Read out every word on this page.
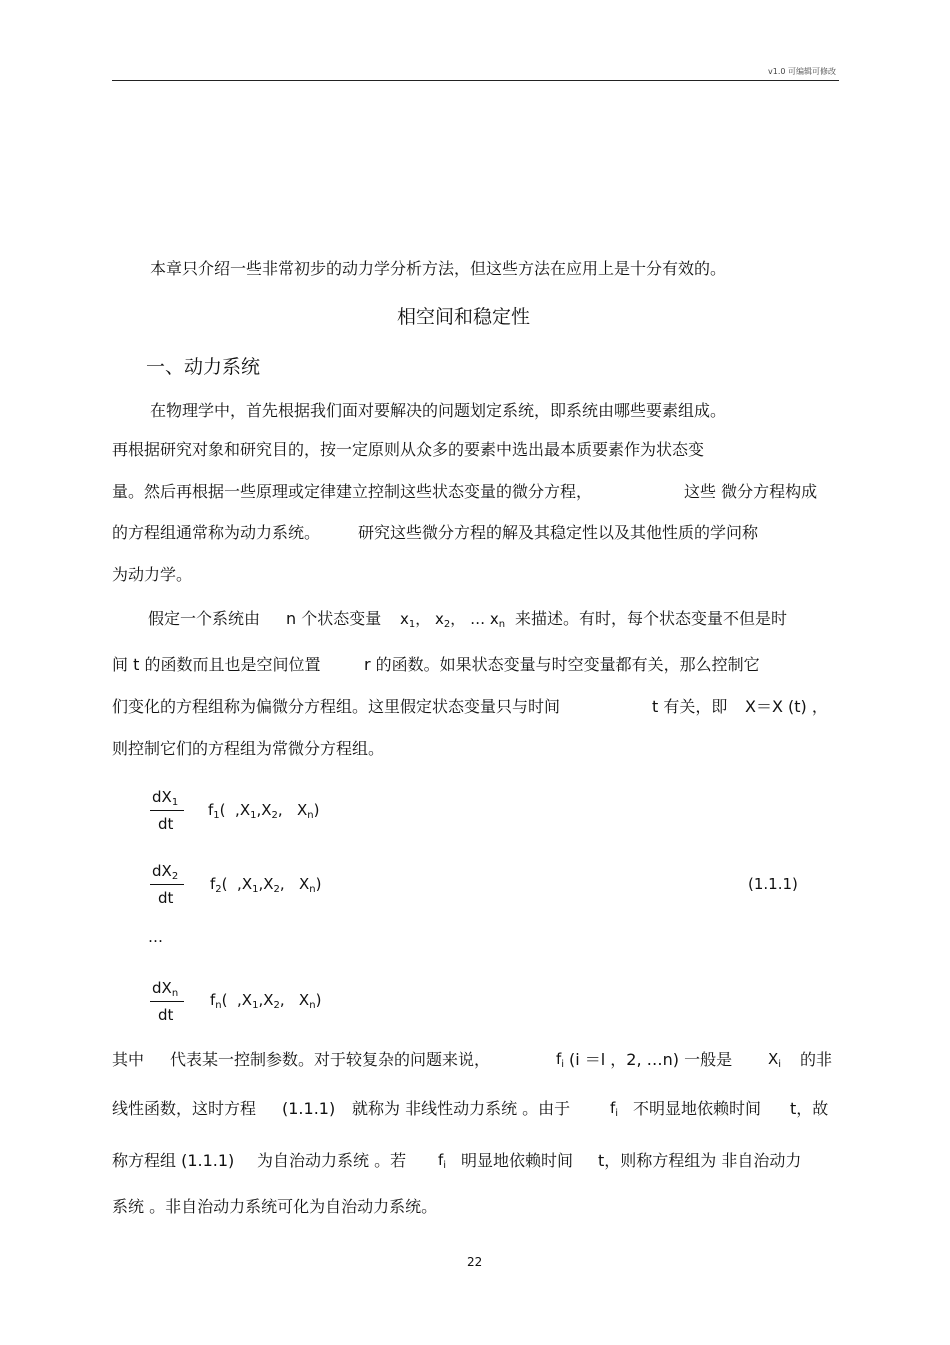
v1.0 可编辑可修改
本章只介绍一些非常初步的动力学分析方法，但这些方法在应用上是十分有效的。
相空间和稳定性
一、动力系统
在物理学中，首先根据我们面对要解决的问题划定系统，即系统由哪些要素组成。
再根据研究对象和研究目的，按一定原则从众多的要素中选出最本质要素作为状态变
量。然后再根据一些原理或定律建立控制这些状态变量的微分方程，	这些 微分方程构成
的方程组通常称为动力系统。 研究这些微分方程的解及其稳定性以及其他性质的学问称
为动力学。
假定一个系统由 n 个状态变量 $x_1$， $x_2$， … $x_n$ 来描述。有时，每个状态变量不但是时
间 t 的函数而且也是空间位置	r 的函数。如果状态变量与时空变量都有关，那么控制它
们变化的方程组称为偏微分方程组。这里假定状态变量只与时间	t 有关，即 X＝X (t) ，
则控制它们的方程组为常微分方程组。
$dX_1$
dt
$f_1$(  $,X_1,X_2$,   $X_n$)
$dX_2$
dt
$f_2$(  $,X_1,X_2$,   $X_n$)	(1.1.1)
…
$dX_n$
dt
$f_n$(  $,X_1,X_2$,   $X_n$)
其中 代表某一控制参数。对于较复杂的问题来说，	$f_i$ (i ＝l ，2, …n) 一般是 $X_i$ 的非
线性函数，这时方程 (1.1.1) 就称为 非线性动力系统 。由于	$f_i$ 不明显地依赖时间 t，故
称方程组 (1.1.1) 为自治动力系统 。若 $f_i$ 明显地依赖时间 t，则称方程组为 非自治动力
系统 。非自治动力系统可化为自治动力系统。
22
